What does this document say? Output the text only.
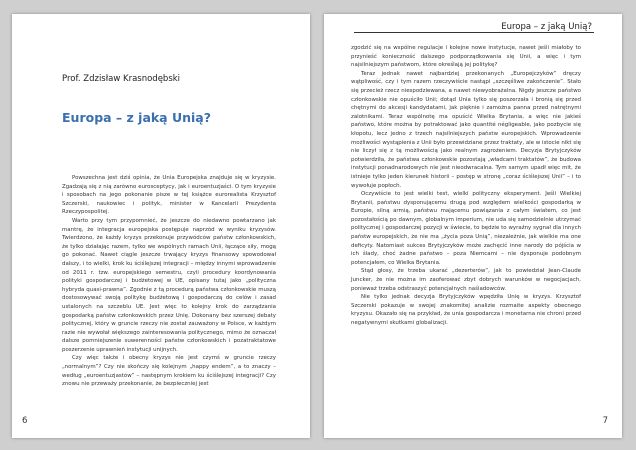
Prof. Zdzisław Krasnodębski
Europa – z jaką Unią?

Powszechna jest dziś opinia, że Unia Europejska znajduje się w kryzysie. Zgadzają się z nią zarówno eurosceptycy, jak i euroentuzjaści. O tym kryzysie i sposobach na jego pokonanie pisze w tej książce eurorealista Krzysztof Szczerski, naukowiec i polityk, minister w Kancelarii Prezydenta Rzeczypospolitej.

Warto przy tym przypomnieć, że jeszcze do niedawno powtarzano jak mantrę, że integracja europejska postępuje naprzód w wyniku kryzysów. Twierdzono, że każdy kryzys przekonuje przywódców państw członkowskich, że tylko działając razem, tylko we wspólnych ramach Unii, łączące siły, mogą go pokonać. Nawet ciągle jeszcze trwający kryzys finansowy spowodował dalszy, i to wielki, krok ku ściślejszej integracji – między innymi wprowadzenie od 2011 r. tzw. europejskiego semestru, czyli procedury koordynowania polityki gospodarczej i budżetowej w UE, opisany tutaj jako „polityczna hybryda quasi-prawna”. Zgodnie z tą procedurą państwa członkowskie muszą dostosowywać swoją politykę budżetową i gospodarczą do celów i zasad ustalonych na szczeblu UE. Jest więc to kolejny krok do zarządzania gospodarką państw członkowskich przez Unię. Dokonany bez szerszej debaty politycznej, który w gruncie rzeczy nie został zauważony w Polsce, w każdym razie nie wywołał większego zainteresowania politycznego, mimo że oznaczał dalsze pomniejszenie suwerenności państw członkowskich i pozatraktatowe poszerzenie uprawnień instytucji unijnych.

Czy więc także i obecny kryzys nie jest czymś w gruncie rzeczy „normalnym”? Czy nie skończy się kolejnym „happy endem”, a to znaczy – według „euroentuzjastów” – następnym krokiem ku ściślejszej integracji? Czy znowu nie przeważy przekonanie, że bezpieczniej jest

6
Europa – z jaką Unią?

zgodzić się na wspólne regulacje i kolejne nowe instytucje, nawet jeśli miałoby to przynieść konieczność dalszego podporządkowania się Unii, a więc i tym najsilniejszym państwom, które określają jej politykę?

Teraz jednak nawet najbardziej przekonanych „Europejczyków” dręczy wątpliwość, czy i tym razem rzeczywiście nastąpi „szczęśliwe zakończenie”. Stało się przecież rzecz niespodziewana, a nawet niewyobrażalna. Nigdy jeszcze państwo członkowskie nie opuściło Unii; dotąd Unia tylko się poszerzała i bronią się przed chętnymi do akcesji kandydatami, jak pięknie i zamożna panna przed natrętnymi zalotnikami. Teraz wspólnotę ma opuścić Wielka Brytania, a więc nie jakieś państwo, które można by potraktować jako quantité négligeable, jako pozbycie się kłopotu, lecz jedno z trzech najsilniejszych państw europejskich. Wprowadzenie możliwości wystąpienia z Unii było przewidziane przez traktaty, ale w istocie nikt się nie liczył się z tą możliwością jako realnym zagrożeniem. Decyzja Brytyjczyków potwierdziła, że państwa członkowskie pozostają „władcami traktatów”, że budowa instytucji ponadnarodowych nie jest nieodwracalna. Tym samym upadł więc mit, że istnieje tylko jeden kierunek historii – postęp w stronę „coraz ściślejszej Unii” – i to wywołuje popłoch.

Oczywiście to jest wielki test, wielki polityczny eksperyment. Jeśli Wielkiej Brytanii, państwu dysponującemu drugą pod względem wielkości gospodarką w Europie, silną armią, państwu mającemu powiązania z całym światem, co jest pozostałością po dawnym, globalnym imperium, nie uda się samodzielnie utrzymać politycznej i gospodarczej pozycji w świecie, to będzie to wyraźny sygnał dla innych państw europejskich, że nie ma „życia poza Unią”, niezależnie, jak wielkie ma one deficyty. Natomiast sukces Brytyjczyków może zachęcić inne narody do pójścia w ich ślady, choć żadne państwo – poza Niemcami – nie dysponuje podobnym potencjałem, co Wielka Brytania.

Stąd głosy, że trzeba ukarać „dezerterów”, jak to powiedział Jean-Claude Juncker, że nie można im zaoferować zbyt dobrych warunków w negocjacjach, ponieważ trzeba odstraszyć potencjalnych naśladowców.

Nie tylko jednak decyzja Brytyjczyków wpędziła Unię w kryzys. Krzysztof Szczerski pokazuje w swojej znakomitej analizie rozmaite aspekty obecnego kryzysu. Okazało się na przykład, że unia gospodarcza i monetarna nie chroni przed negatywnymi skutkami globalizacji.

7
